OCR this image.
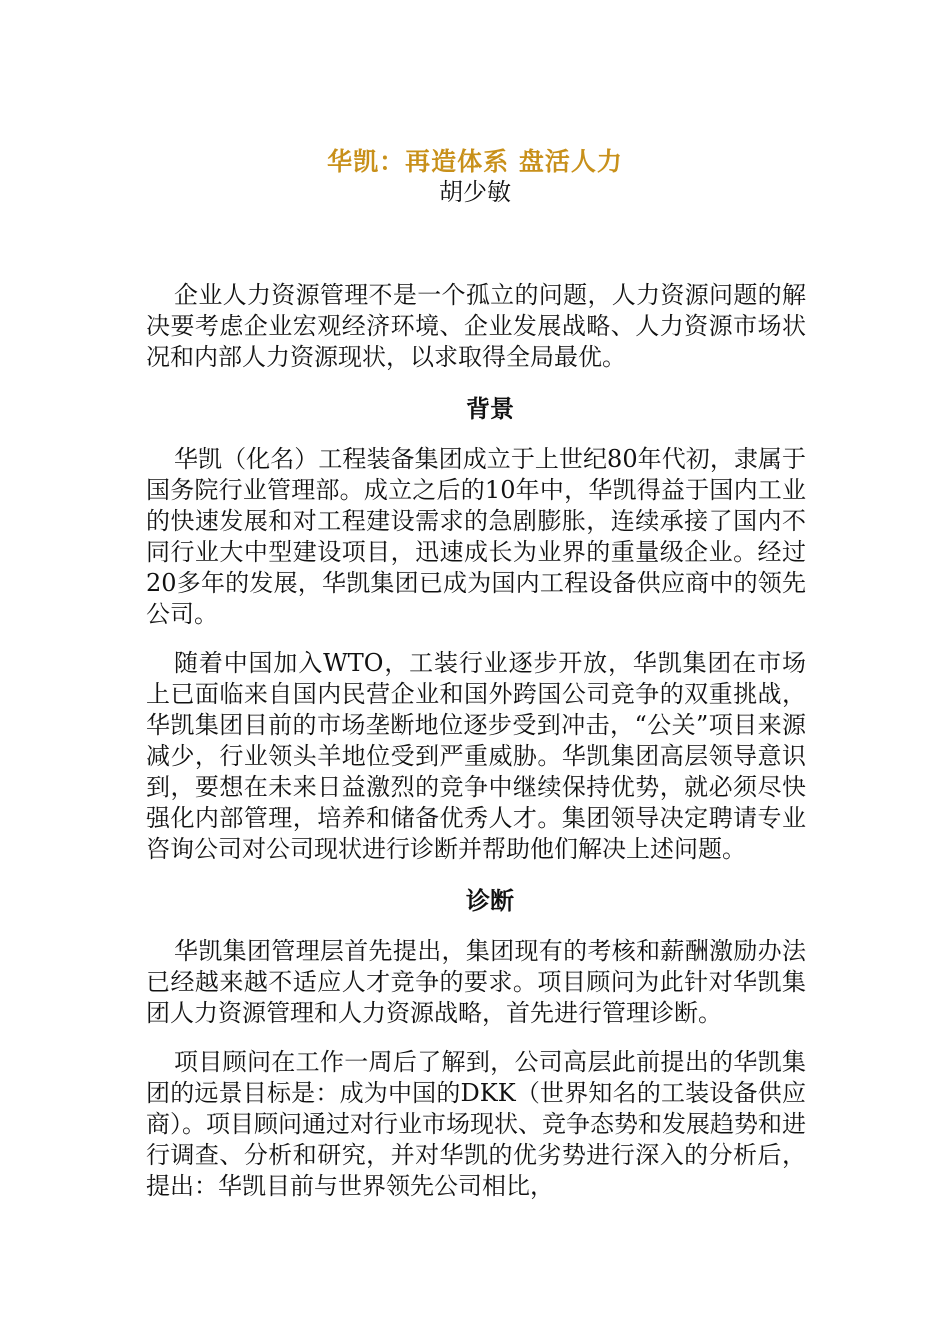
华凯：再造体系 盘活人力
胡少敏

企业人力资源管理不是一个孤立的问题，人力资源问题的解决要考虑企业宏观经济环境、企业发展战略、人力资源市场状况和内部人力资源现状，以求取得全局最优。

背景

华凯（化名）工程装备集团成立于上世纪80年代初，隶属于国务院行业管理部。成立之后的10年中，华凯得益于国内工业的快速发展和对工程建设需求的急剧膨胀，连续承接了国内不同行业大中型建设项目，迅速成长为业界的重量级企业。经过20多年的发展，华凯集团已成为国内工程设备供应商中的领先公司。

随着中国加入WTO，工装行业逐步开放，华凯集团在市场上已面临来自国内民营企业和国外跨国公司竞争的双重挑战，华凯集团目前的市场垄断地位逐步受到冲击，“公关”项目来源减少，行业领头羊地位受到严重威胁。华凯集团高层领导意识到，要想在未来日益激烈的竞争中继续保持优势，就必须尽快强化内部管理，培养和储备优秀人才。集团领导决定聘请专业咨询公司对公司现状进行诊断并帮助他们解决上述问题。

诊断

华凯集团管理层首先提出，集团现有的考核和薪酬激励办法已经越来越不适应人才竞争的要求。项目顾问为此针对华凯集团人力资源管理和人力资源战略，首先进行管理诊断。

项目顾问在工作一周后了解到，公司高层此前提出的华凯集团的远景目标是：成为中国的DKK（世界知名的工装设备供应商）。项目顾问通过对行业市场现状、竞争态势和发展趋势和进行调查、分析和研究，并对华凯的优劣势进行深入的分析后，提出：华凯目前与世界领先公司相比，
